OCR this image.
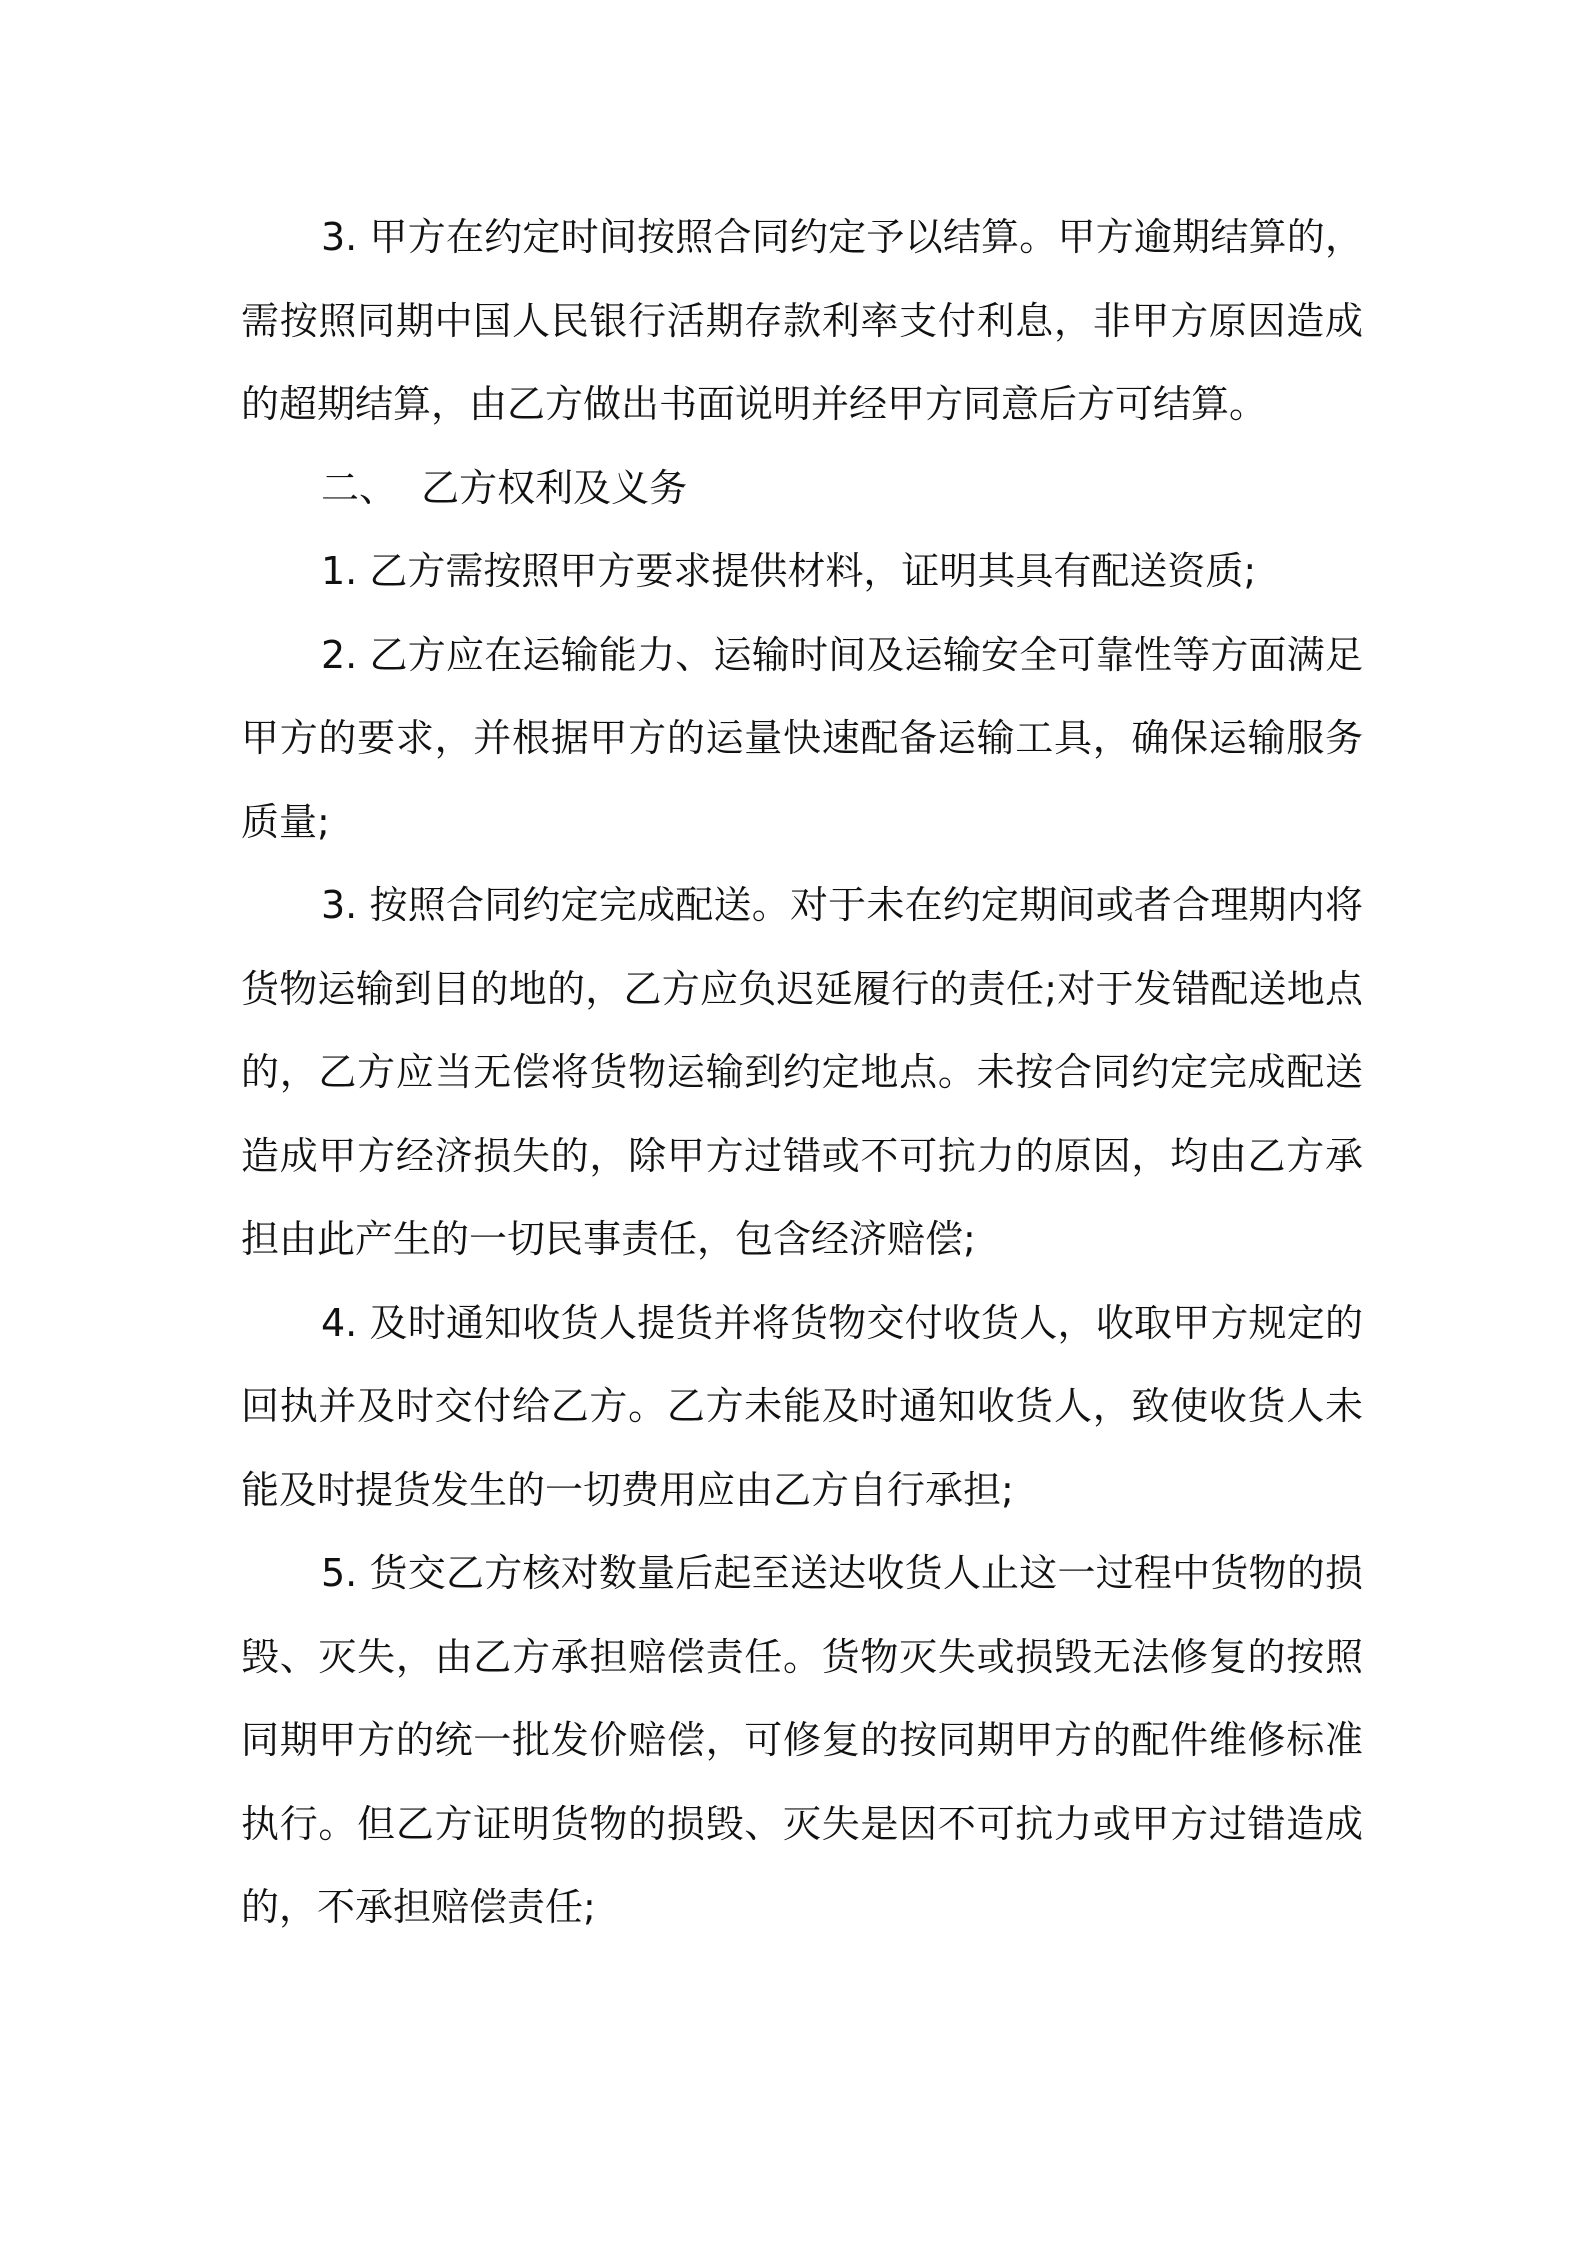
3. 甲方在约定时间按照合同约定予以结算。甲方逾期结算的，需按照同期中国人民银行活期存款利率支付利息，非甲方原因造成的超期结算，由乙方做出书面说明并经甲方同意后方可结算。

二、  乙方权利及义务

1. 乙方需按照甲方要求提供材料，证明其具有配送资质;

2. 乙方应在运输能力、运输时间及运输安全可靠性等方面满足甲方的要求，并根据甲方的运量快速配备运输工具，确保运输服务质量;

3. 按照合同约定完成配送。对于未在约定期间或者合理期内将货物运输到目的地的，乙方应负迟延履行的责任;对于发错配送地点的，乙方应当无偿将货物运输到约定地点。未按合同约定完成配送造成甲方经济损失的，除甲方过错或不可抗力的原因，均由乙方承担由此产生的一切民事责任，包含经济赔偿;

4. 及时通知收货人提货并将货物交付收货人，收取甲方规定的回执并及时交付给乙方。乙方未能及时通知收货人，致使收货人未能及时提货发生的一切费用应由乙方自行承担;

5. 货交乙方核对数量后起至送达收货人止这一过程中货物的损毁、灭失，由乙方承担赔偿责任。货物灭失或损毁无法修复的按照同期甲方的统一批发价赔偿，可修复的按同期甲方的配件维修标准执行。但乙方证明货物的损毁、灭失是因不可抗力或甲方过错造成的，不承担赔偿责任;
